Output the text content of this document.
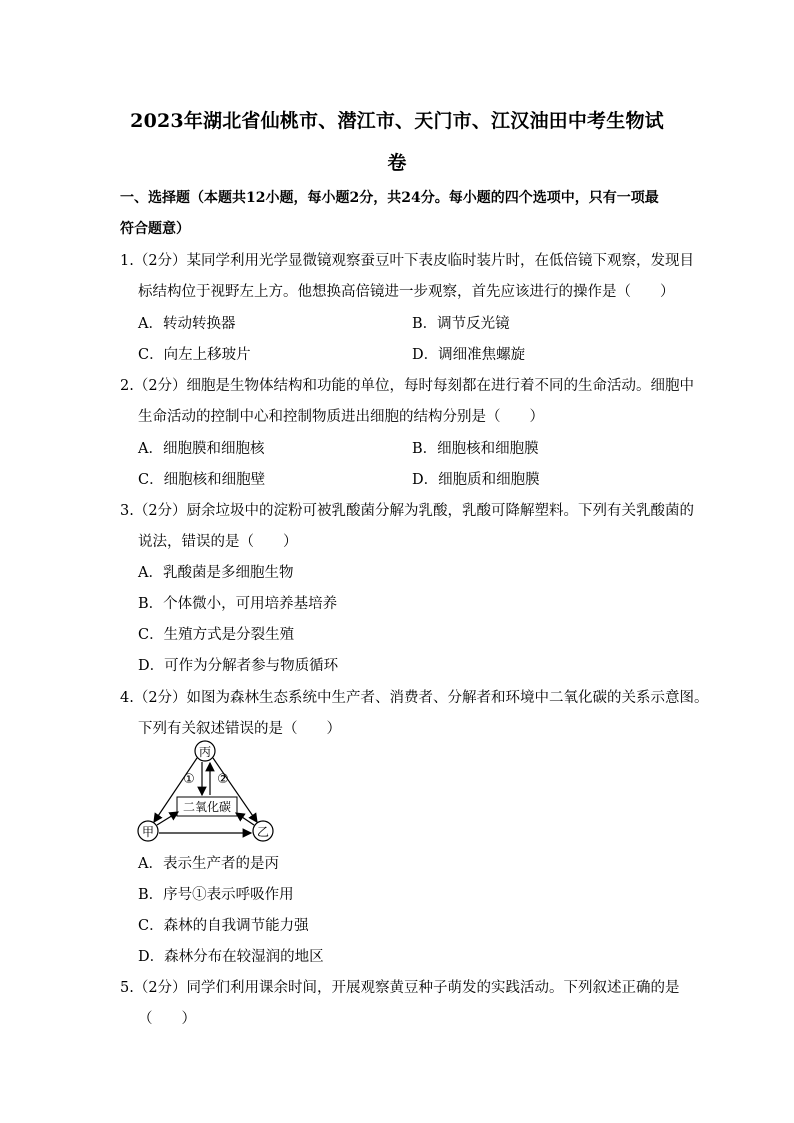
2023年湖北省仙桃市、潜江市、天门市、江汉油田中考生物试
卷
一、选择题（本题共12小题，每小题2分，共24分。每小题的四个选项中，只有一项最
符合题意）
1.（2分）某同学利用光学显微镜观察蚕豆叶下表皮临时装片时，在低倍镜下观察，发现目
标结构位于视野左上方。他想换高倍镜进一步观察，首先应该进行的操作是（　　）
A．转动转换器	B．调节反光镜
C．向左上移玻片	D．调细准焦螺旋
2.（2分）细胞是生物体结构和功能的单位，每时每刻都在进行着不同的生命活动。细胞中
生命活动的控制中心和控制物质进出细胞的结构分别是（　　）
A．细胞膜和细胞核	B．细胞核和细胞膜
C．细胞核和细胞壁	D．细胞质和细胞膜
3.（2分）厨余垃圾中的淀粉可被乳酸菌分解为乳酸，乳酸可降解塑料。下列有关乳酸菌的
说法，错误的是（　　）
A．乳酸菌是多细胞生物
B．个体微小，可用培养基培养
C．生殖方式是分裂生殖
D．可作为分解者参与物质循环
4.（2分）如图为森林生态系统中生产者、消费者、分解者和环境中二氧化碳的关系示意图。
下列有关叙述错误的是（　　）
丙
甲	乙
二氧化碳
① ②
A．表示生产者的是丙
B．序号①表示呼吸作用
C．森林的自我调节能力强
D．森林分布在较湿润的地区
5.（2分）同学们利用课余时间，开展观察黄豆种子萌发的实践活动。下列叙述正确的是
（　　）
